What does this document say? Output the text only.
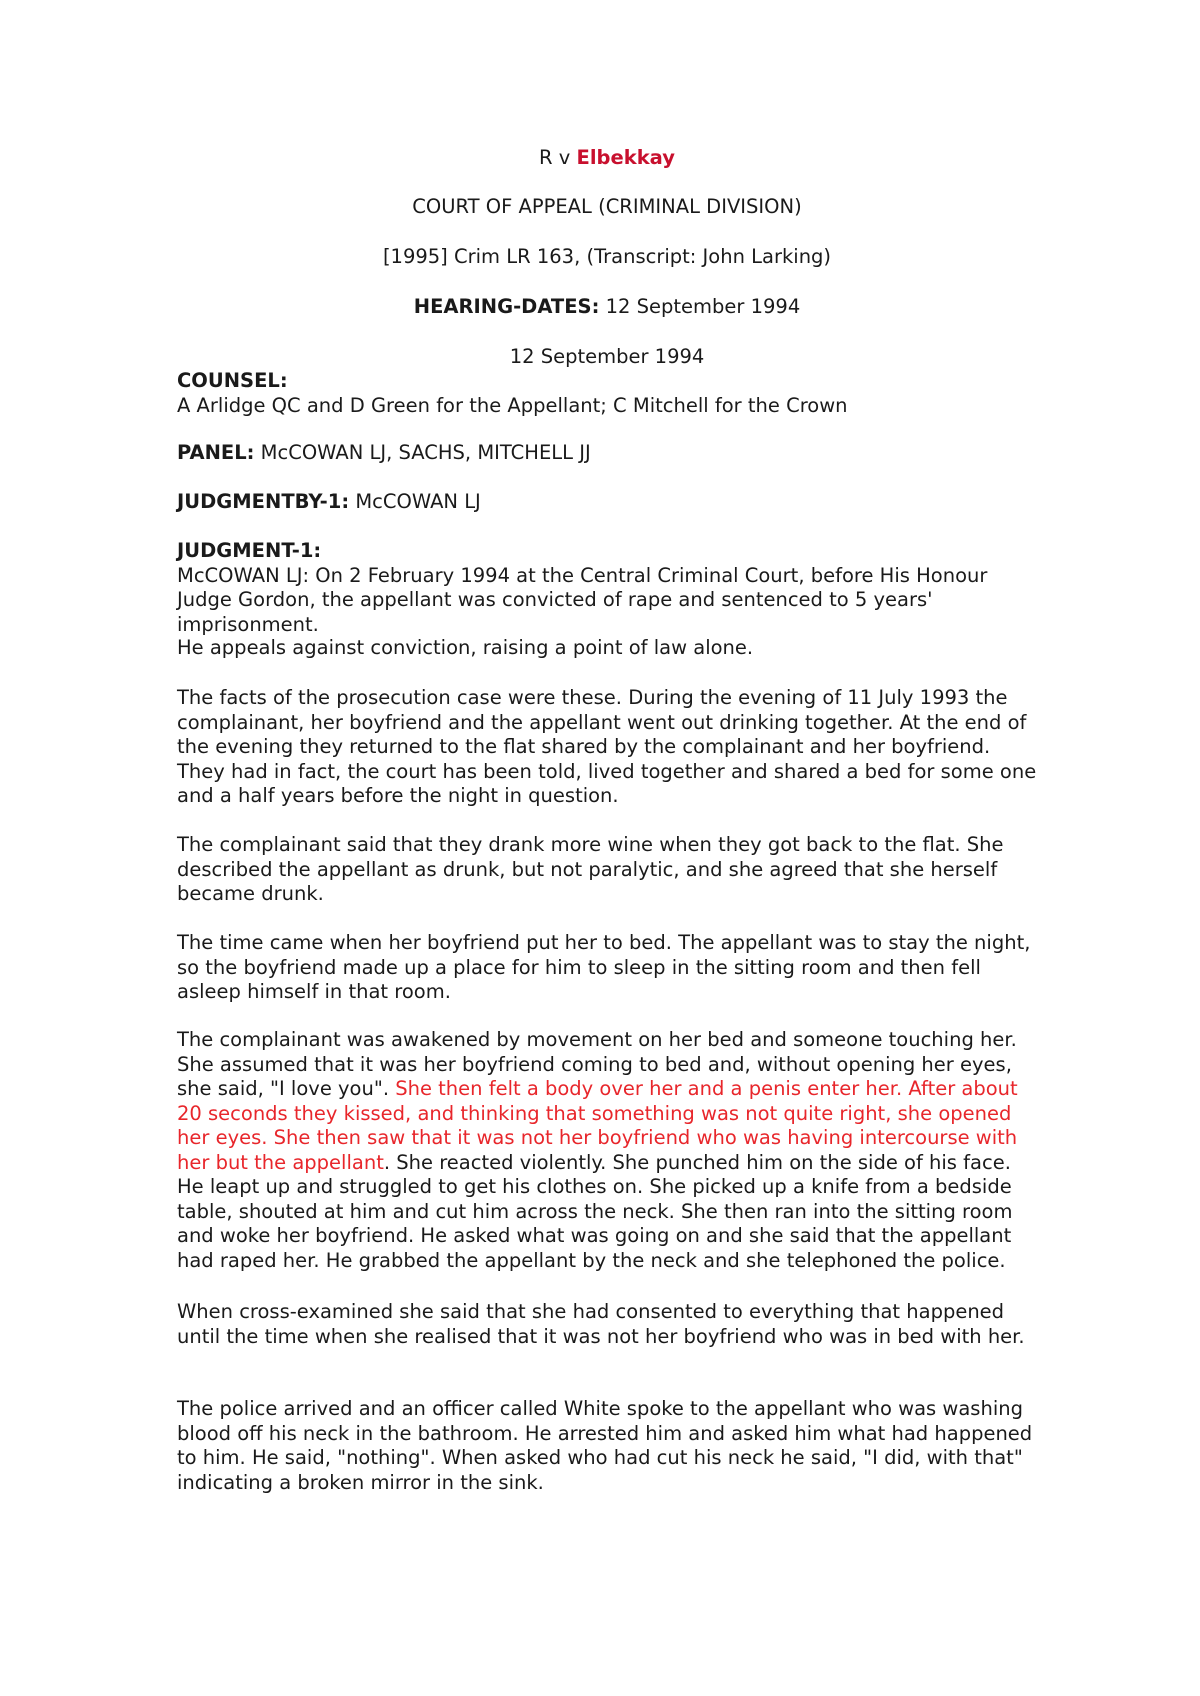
R v Elbekkay

COURT OF APPEAL (CRIMINAL DIVISION)

[1995] Crim LR 163, (Transcript: John Larking)

HEARING-DATES: 12 September 1994

12 September 1994

COUNSEL:

A Arlidge QC and D Green for the Appellant; C Mitchell for the Crown

PANEL: McCOWAN LJ, SACHS, MITCHELL JJ

JUDGMENTBY-1: McCOWAN LJ

JUDGMENT-1:

McCOWAN LJ: On 2 February 1994 at the Central Criminal Court, before His Honour Judge Gordon, the appellant was convicted of rape and sentenced to 5 years' imprisonment.

He appeals against conviction, raising a point of law alone.

The facts of the prosecution case were these. During the evening of 11 July 1993 the complainant, her boyfriend and the appellant went out drinking together. At the end of the evening they returned to the flat shared by the complainant and her boyfriend. They had in fact, the court has been told, lived together and shared a bed for some one and a half years before the night in question.

The complainant said that they drank more wine when they got back to the flat. She described the appellant as drunk, but not paralytic, and she agreed that she herself became drunk.

The time came when her boyfriend put her to bed. The appellant was to stay the night, so the boyfriend made up a place for him to sleep in the sitting room and then fell asleep himself in that room.

The complainant was awakened by movement on her bed and someone touching her. She assumed that it was her boyfriend coming to bed and, without opening her eyes, she said, "I love you". She then felt a body over her and a penis enter her. After about 20 seconds they kissed, and thinking that something was not quite right, she opened her eyes. She then saw that it was not her boyfriend who was having intercourse with her but the appellant. She reacted violently. She punched him on the side of his face. He leapt up and struggled to get his clothes on. She picked up a knife from a bedside table, shouted at him and cut him across the neck. She then ran into the sitting room and woke her boyfriend. He asked what was going on and she said that the appellant had raped her. He grabbed the appellant by the neck and she telephoned the police.

When cross-examined she said that she had consented to everything that happened until the time when she realised that it was not her boyfriend who was in bed with her.

The police arrived and an officer called White spoke to the appellant who was washing blood off his neck in the bathroom. He arrested him and asked him what had happened to him. He said, "nothing". When asked who had cut his neck he said, "I did, with that" indicating a broken mirror in the sink.
